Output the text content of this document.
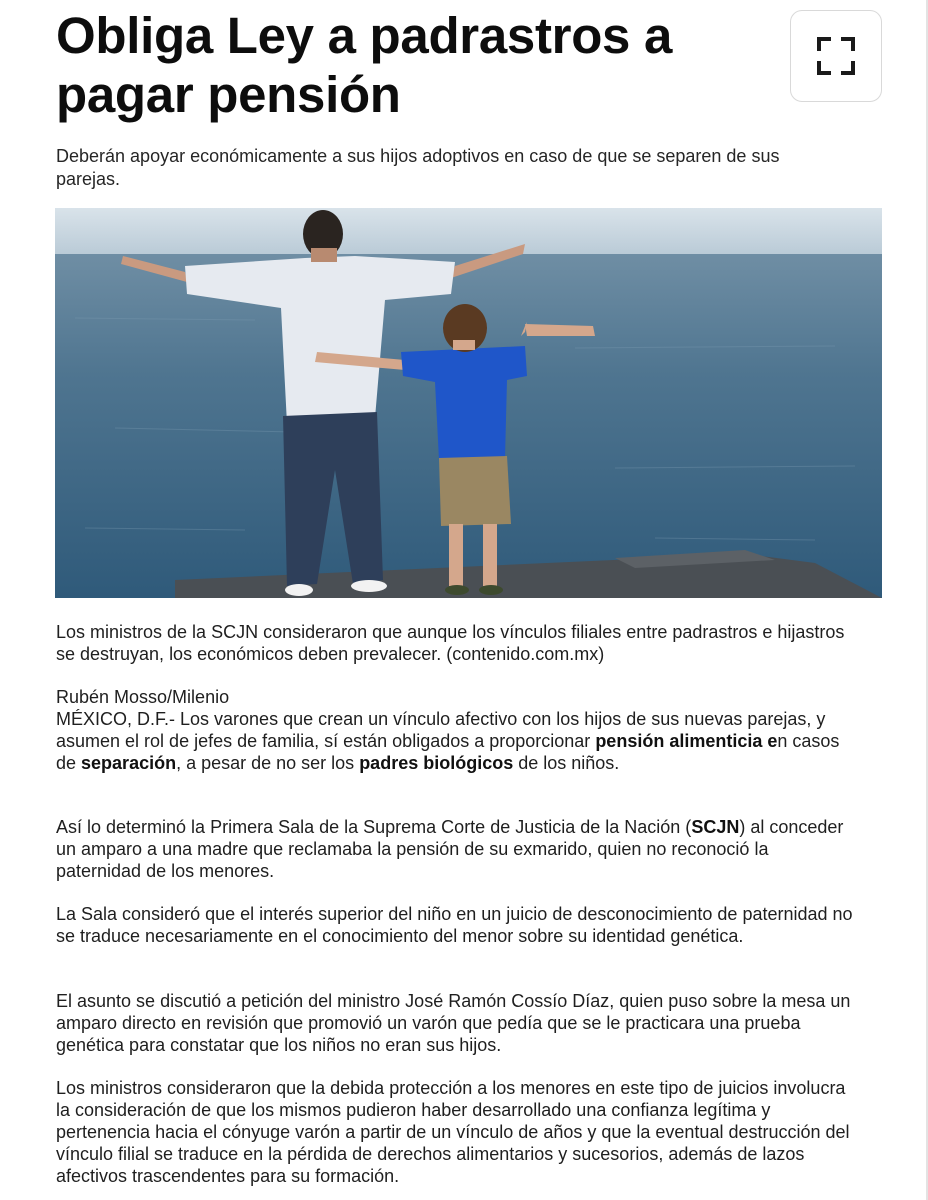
Obliga Ley a padrastros a pagar pensión

Deberán apoyar económicamente a sus hijos adoptivos en caso de que se separen de sus parejas.

Los ministros de la SCJN consideraron que aunque los vínculos filiales entre padrastros e hijastros se destruyan, los económicos deben prevalecer. (contenido.com.mx)

Rubén Mosso/Milenio

MÉXICO, D.F.- Los varones que crean un vínculo afectivo con los hijos de sus nuevas parejas, y asumen el rol de jefes de familia, sí están obligados a proporcionar pensión alimenticia en casos de separación, a pesar de no ser los padres biológicos de los niños.

Así lo determinó la Primera Sala de la Suprema Corte de Justicia de la Nación (SCJN) al conceder un amparo a una madre que reclamaba la pensión de su exmarido, quien no reconoció la paternidad de los menores.

La Sala consideró que el interés superior del niño en un juicio de desconocimiento de paternidad no se traduce necesariamente en el conocimiento del menor sobre su identidad genética.

El asunto se discutió a petición del ministro José Ramón Cossío Díaz, quien puso sobre la mesa un amparo directo en revisión que promovió un varón que pedía que se le practicara una prueba genética para constatar que los niños no eran sus hijos.

Los ministros consideraron que la debida protección a los menores en este tipo de juicios involucra la consideración de que los mismos pudieron haber desarrollado una confianza legítima y pertenencia hacia el cónyuge varón a partir de un vínculo de años y que la eventual destrucción del vínculo filial se traduce en la pérdida de derechos alimentarios y sucesorios, además de lazos afectivos trascendentes para su formación.
